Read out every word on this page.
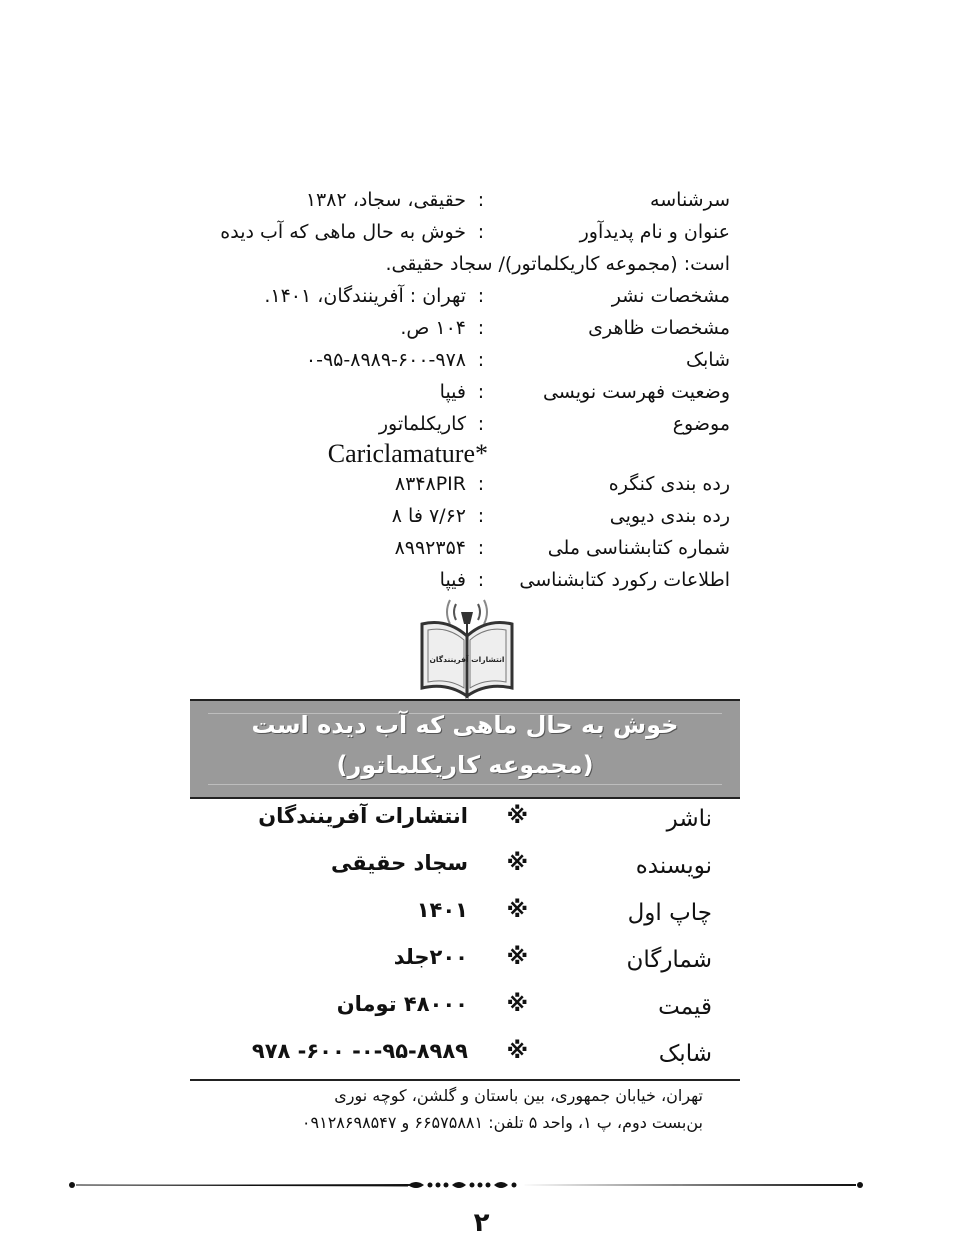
سرشناسه
:
حقیقی، سجاد، ۱۳۸۲
عنوان و نام پدیدآور
:
خوش به حال ماهی که آب دیده
است: (مجموعه کاریکلماتور)/ سجاد حقیقی.
مشخصات نشر
:
تهران : آفرینندگان، ۱۴۰۱.
مشخصات ظاهری
:
۱۰۴ ص.
شابک
:
۰-۹۵-۸۹۸۹-۶۰۰-۹۷۸
وضعیت فهرست نویسی
:
فیپا
موضوع
:
کاریکلماتور
Cariclamature*
رده بندی کنگره
:
۸۳۴۸PIR
رده بندی دیویی
:
۷/۶۲ فا ۸
شماره کتابشناسی ملی
:
۸۹۹۲۳۵۴
اطلاعات رکورد کتابشناسی
:
فیپا
انتشارات آفرینندگان
خوش به حال ماهی که آب دیده است
(مجموعه کاریکلماتور)
ناشر
※
انتشارات آفرینندگان
نویسنده
※
سجاد حقیقی
چاپ اول
※
۱۴۰۱
شمارگان
※
۲۰۰جلد
قیمت
※
۴۸۰۰۰ تومان
شابک
※
۰-۹۵-۸۹۸۹- ۶۰۰- ۹۷۸
تهران، خیابان جمهوری، بین باستان و گلشن، کوچه نوری
بن‌بست دوم، پ ۱، واحد ۵ تلفن: ۶۶۵۷۵۸۸۱ و ۰۹۱۲۸۶۹۸۵۴۷
۲
